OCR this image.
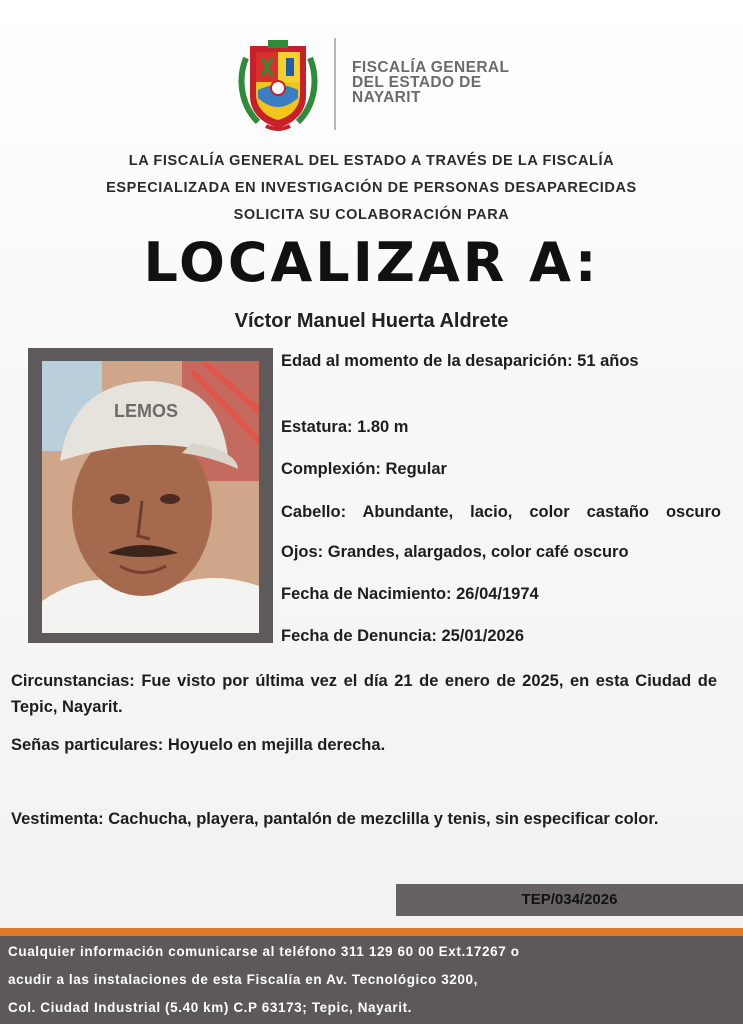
FISCALÍA GENERAL
DEL ESTADO DE
NAYARIT
LA FISCALÍA GENERAL DEL ESTADO A TRAVÉS DE LA FISCALÍA
ESPECIALIZADA EN INVESTIGACIÓN DE PERSONAS DESAPARECIDAS
SOLICITA SU COLABORACIÓN PARA
LOCALIZAR A:
Víctor Manuel Huerta Aldrete
LEMOS
Edad al momento de la desaparición: 51 años
Estatura: 1.80 m
Complexión: Regular
Cabello: Abundante, lacio, color castaño oscuro
Ojos: Grandes, alargados, color café oscuro
Fecha de Nacimiento: 26/04/1974
Fecha de Denuncia: 25/01/2026
Circunstancias: Fue visto por última vez el día 21 de enero de 2025, en esta Ciudad de Tepic, Nayarit.
Señas particulares: Hoyuelo en mejilla derecha.
Vestimenta: Cachucha, playera, pantalón de mezclilla y tenis, sin especificar color.
TEP/034/2026
Cualquier información comunicarse al teléfono 311 129 60 00 Ext.17267 o
acudir a las instalaciones de esta Fiscalía en Av. Tecnológico 3200,
Col. Ciudad Industrial (5.40 km) C.P 63173; Tepic, Nayarit.
